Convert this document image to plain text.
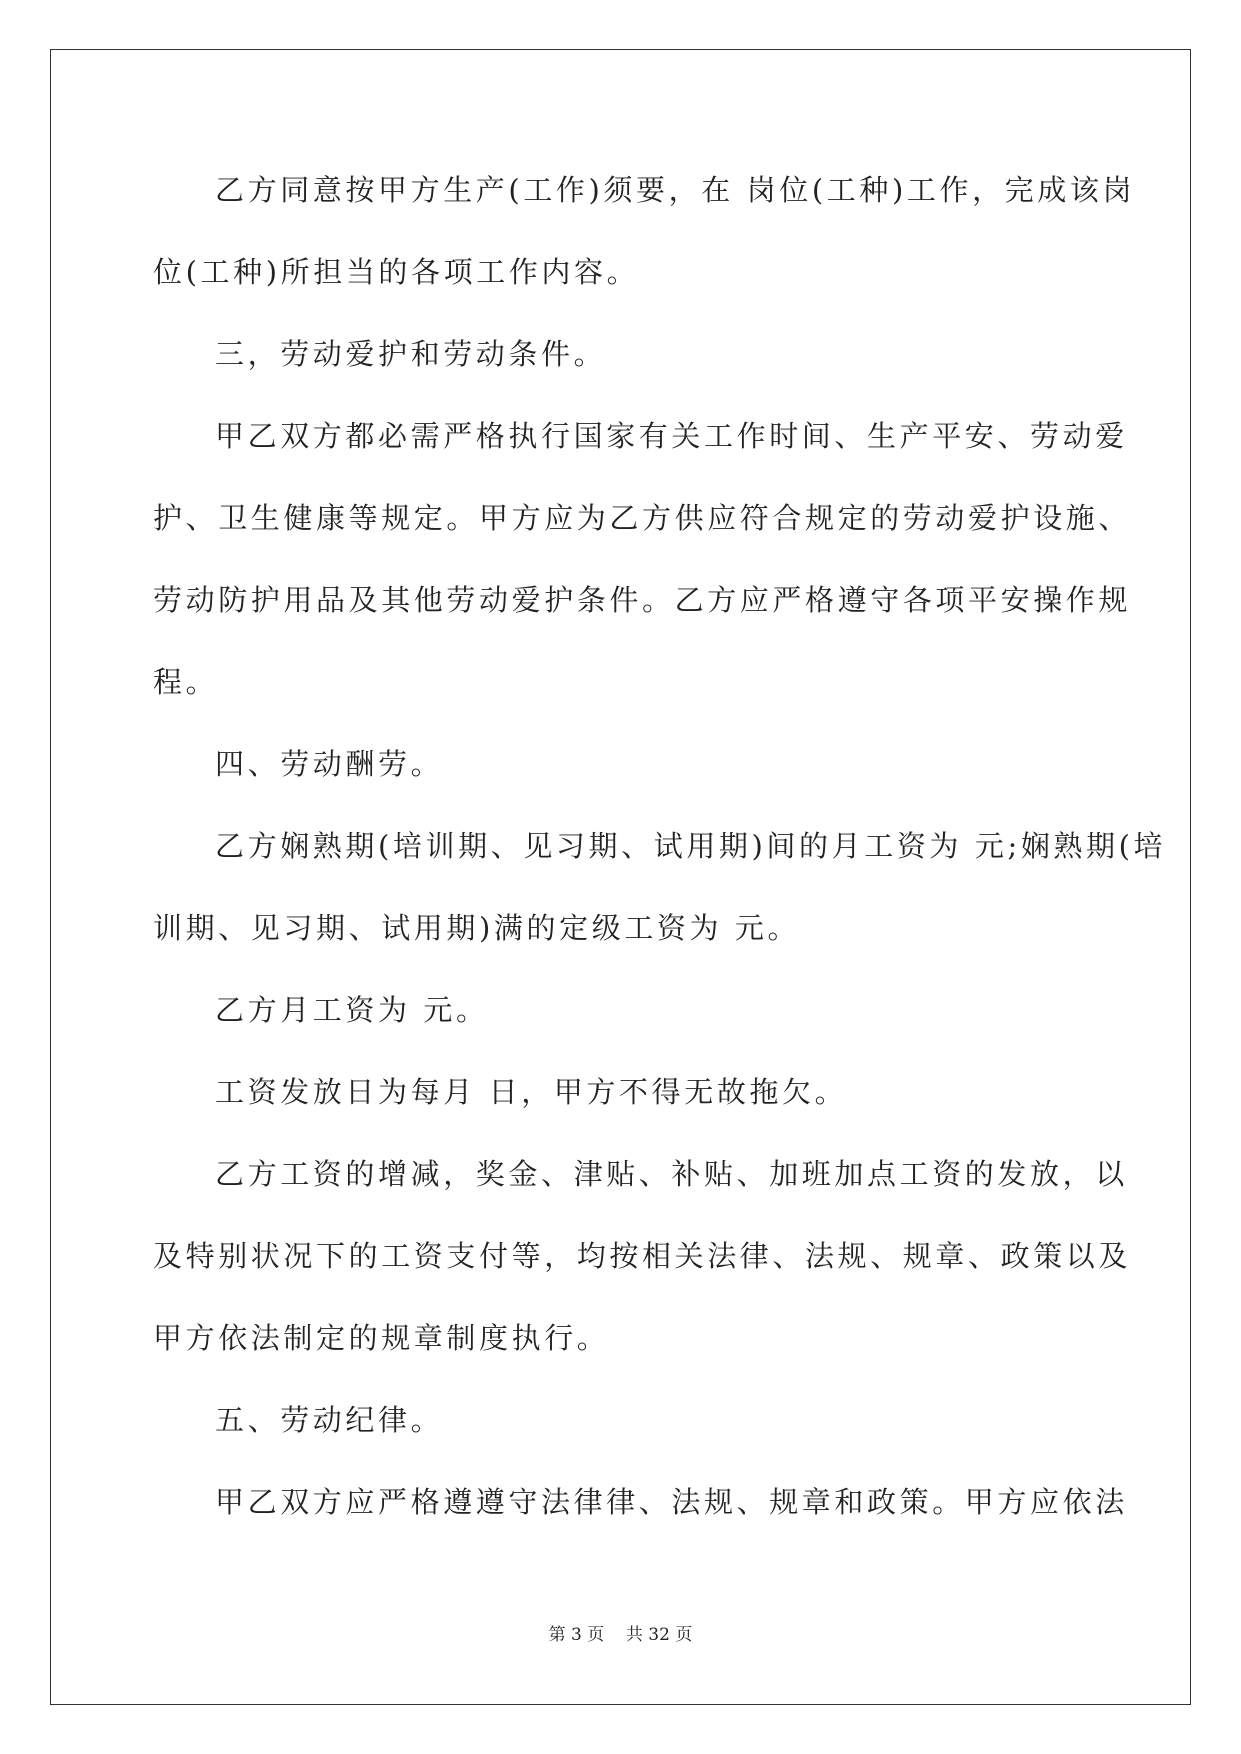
乙方同意按甲方生产(工作)须要，在 岗位(工种)工作，完成该岗
位(工种)所担当的各项工作内容。
三，劳动爱护和劳动条件。
甲乙双方都必需严格执行国家有关工作时间、生产平安、劳动爱
护、卫生健康等规定。甲方应为乙方供应符合规定的劳动爱护设施、
劳动防护用品及其他劳动爱护条件。乙方应严格遵守各项平安操作规
程。
四、劳动酬劳。
乙方娴熟期(培训期、见习期、试用期)间的月工资为 元;娴熟期(培
训期、见习期、试用期)满的定级工资为 元。
乙方月工资为 元。
工资发放日为每月 日，甲方不得无故拖欠。
乙方工资的增减，奖金、津贴、补贴、加班加点工资的发放，以
及特别状况下的工资支付等，均按相关法律、法规、规章、政策以及
甲方依法制定的规章制度执行。
五、劳动纪律。
甲乙双方应严格遵遵守法律律、法规、规章和政策。甲方应依法
第 3 页    共 32 页
